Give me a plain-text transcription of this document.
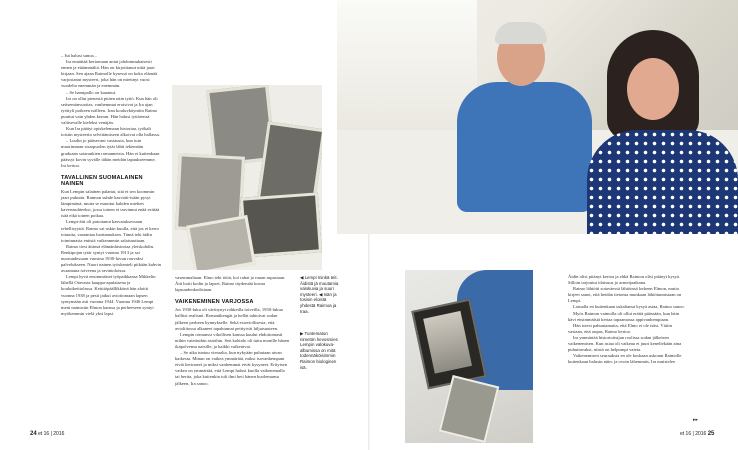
– Isä halusi sanoa...

Ira ennättää kertomaan aniat johdonmukaisesti ennen ja etäämmältä. Hän on kirjoittanut niitä jaari kirjaan. Sen ajaan Raimolle kysessä on koko elämää varjostanut mysteeri, joka hän on mietinyt vuosi vuodelta enemmän ja enemmän.

– Se hamipallo on kauanut.

Ira on ollut pienestä pitäen näin tyttö. Kun hän oli seitsemänvuotias, vanhemmat eroisivat ja Ira ajan työttyli poikeen isälleen. Iran kouluvkäyntiin Raimo puuttui vain yhden kerran. Hän halusi tyttärensä valitsevalle kieleksi venäjän.

Kun Ira päätyi opiskelemaan historiaa, työkalt toisiin mysteerin selvittämiseen alkoivat olla hallassa.

– Luulin jo pääsevani vastausta, kun tuin muorimman sisarpuolen tytär lähti tekemään graduaan sotarankien romanneista. Hän ei kuitenkaan päässyt kovin syvälle tähän meidän tapaukseemme, Ira kertoo.

TAVALLINEN SUOMALAINEN NAINEN

Kun Lempin salainen palanut, sitä ei sen koommin jaari puhuttu. Raimon suhde kasvatti-isään pysyi lämpimänä, mutta se muuttui kahden miehen kaverusuhteeksi, jossa toinen ei tarvinnut enää esittää isää eikä toinen poikaa.

Lempi-äiti oli paiottanut kasvatuksessaan rehellisyyttä. Raimo sai uskin kuulla, että jos ei kerro totuutta, vaarantaa luottamuksen. Tämä teki äidin toiminnasta entistä vaikeammin salaisuuttaan.

Raimo tiesi äitinsä elämänhistoriaa yleiskohdin. Renkipojan tytär syntyi vuonna 1913 ja sai nuoruudessaan vuosina 1930-luvun rouvaksi palvelukseen. Nuori nainen työskenteli pitkään kahvin avaamana toiveena ja ravintoloissa.

Lempi hyvä ensimmäiset työpaikkansa Mikkelin lähellä Otavasta kauppa-apulaisena ja koulutkeittolassa. Keittiöpäällikkönä hän aloitti vuonna 1938 ja pesti jatkui aviottomaan lapsen syntymään asti vuonna 1944. Vuonna 1946 Lempi meni naimisiin Elmon kanssa ja perheeseen syntyi myöhemmin vielä yksi lapsi.

vasemmaltaan. Elmo teki töitä, koi rahat ja ruuan aspasiaan. Äiti hoiti kodin ja lapset, Raimo täydentää kuvaa lapsuudenkodistaan.

VAIKENEMINEN VARJOSSA

Jos 1930-luku oli värittynyt rohkeilla toiveilla, 1950-lukua hallitsi realismi. Romanikengät ja hellät tahtoivat sodan jälkeen perheen kynnykselle. Sekä esiaviollisesta, että avioliitossa alkaneet tapahtumat peittyivät hiljaisuuteen.

Lempin romanssi vihollisen kanssa kuului ehdottomasti niihin vaiettuihin asioihin. Sen kohtalo oli tuttu monille hänen ikäpolvensa naisille, ja kaikki vaikenivat.

– Se aika tuntuu vieraalta, kun nykyään puhutaan aivan kaikesta. Minun on vaikea ymmärtää, miksi isovanhempani eivät kertoneet ja miksi vanhemmat eivät kysyneet. Erityisen vaikea on ymmärtää, että Lempi halusi kuolla vaikenemalla tai hertta, joka kuitenkin tuli ilmi heti hänen kuolemansa jälkeen, Ira sanoo.

◀ Lempi minkä teit. Äidistä jä muutamia valokuvia ja suuri mysteeri. ◀ Isän ja tosisin eloistä yhdestä Raimoa ja Iraa.
▶ Tuntematon nimetön hevosmies Lempin valokuva-albumissa on mitä todennäköisimmin Raimon biologinen isä.

Äidin olisi pitänyt kertoa ja ehkä Raimon olisi pitänyt kysyä. Silloin tarjoutui tilaisuus jo armeijaaikana.

Raimo lähtötti sotaväessä lähtöinsä lorkeen Elmon, mutta kirjeet sanoi, että heidän tietonsa munkaan lähtötunnistaan on Lempi.

Lomalla en kuitenkaan uskaltanut kysyä asiaa, Raimo sanoo.

Myös Raimon vaimolla oli ollut eräitä päässään, kun häin kävi ensimmäistä kertaa tapaamassa appivanhempiaan.

Hän totesi pahuutamatta, että Elmo ei ole isäsi. Väitin vastaan, että onpas, Raimo kertoo.

Ira ymmärtää historioitsijan roolissa sodan jälkeisen vaikenemisen. Kun asiaa oli vaikeaa ei juuri kenellekään aina puhuttavaksi, niistä on helpompi vaieta.

Vaikenemisen seurauksia en ole koskaan uskonut Raimolle kuitenkaan halusin näin: ja ovoin lähemmäs, Ira muistelee.

▸▸
24 et 16 | 2016	et 16 | 2016 25
